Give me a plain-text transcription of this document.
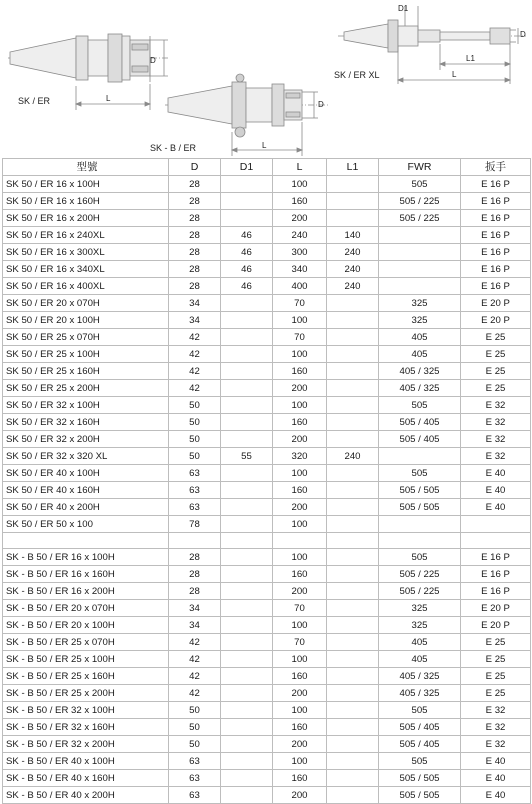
SK / ER
D
L
SK - B / ER
D
L
SK / ER XL
D1
D
L1
L
型號	D	D1	L	L1	FWR	扳手
SK 50 / ER 16 x 100H	28		100		505	E 16 P
SK 50 / ER 16 x 160H	28		160		505 / 225	E 16 P
SK 50 / ER 16 x 200H	28		200		505 / 225	E 16 P
SK 50 / ER 16 x 240XL	28	46	240	140		E 16 P
SK 50 / ER 16 x 300XL	28	46	300	240		E 16 P
SK 50 / ER 16 x 340XL	28	46	340	240		E 16 P
SK 50 / ER 16 x 400XL	28	46	400	240		E 16 P
SK 50 / ER 20 x 070H	34		70		325	E 20 P
SK 50 / ER 20 x 100H	34		100		325	E 20 P
SK 50 / ER 25 x 070H	42		70		405	E 25
SK 50 / ER 25 x 100H	42		100		405	E 25
SK 50 / ER 25 x 160H	42		160		405 / 325	E 25
SK 50 / ER 25 x 200H	42		200		405 / 325	E 25
SK 50 / ER 32 x 100H	50		100		505	E 32
SK 50 / ER 32 x 160H	50		160		505 / 405	E 32
SK 50 / ER 32 x 200H	50		200		505 / 405	E 32
SK 50 / ER 32 x 320 XL	50	55	320	240		E 32
SK 50 / ER 40 x 100H	63		100		505	E 40
SK 50 / ER 40 x 160H	63		160		505 / 505	E 40
SK 50 / ER 40 x 200H	63		200		505 / 505	E 40
SK 50 / ER 50 x 100	78		100			

SK - B 50 / ER 16 x 100H	28		100		505	E 16 P
SK - B 50 / ER 16 x 160H	28		160		505 / 225	E 16 P
SK - B 50 / ER 16 x 200H	28		200		505 / 225	E 16 P
SK - B 50 / ER 20 x 070H	34		70		325	E 20 P
SK - B 50 / ER 20 x 100H	34		100		325	E 20 P
SK - B 50 / ER 25 x 070H	42		70		405	E 25
SK - B 50 / ER 25 x 100H	42		100		405	E 25
SK - B 50 / ER 25 x 160H	42		160		405 / 325	E 25
SK - B 50 / ER 25 x 200H	42		200		405 / 325	E 25
SK - B 50 / ER 32 x 100H	50		100		505	E 32
SK - B 50 / ER 32 x 160H	50		160		505 / 405	E 32
SK - B 50 / ER 32 x 200H	50		200		505 / 405	E 32
SK - B 50 / ER 40 x 100H	63		100		505	E 40
SK - B 50 / ER 40 x 160H	63		160		505 / 505	E 40
SK - B 50 / ER 40 x 200H	63		200		505 / 505	E 40
